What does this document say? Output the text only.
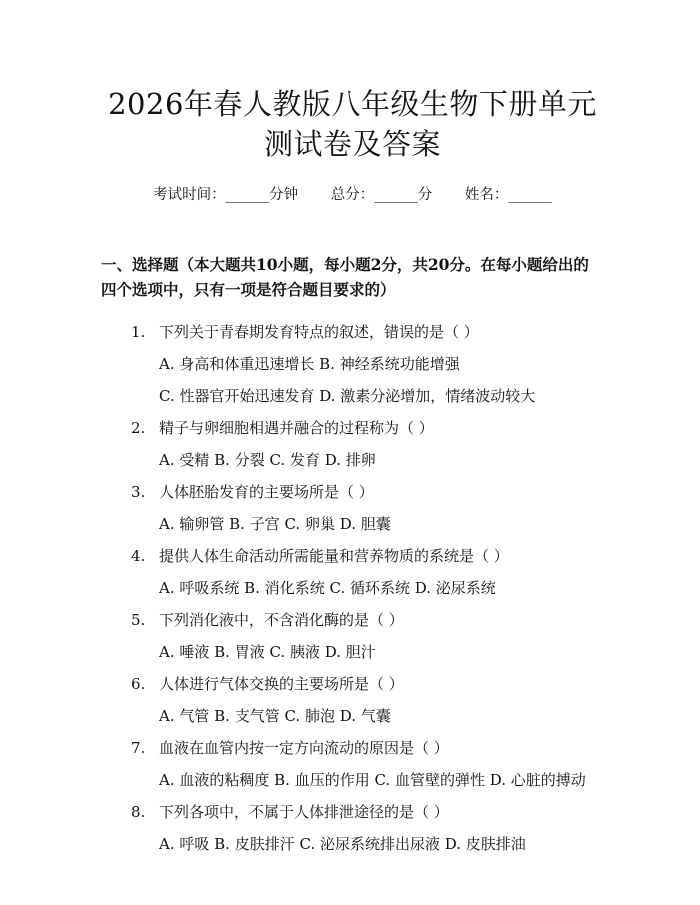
2026年春人教版八年级生物下册单元测试卷及答案
考试时间：______分钟 总分：______分 姓名：______
一、选择题（本大题共10小题，每小题2分，共20分。在每小题给出的四个选项中，只有一项是符合题目要求的）
1. 下列关于青春期发育特点的叙述，错误的是（ ）
A. 身高和体重迅速增长 B. 神经系统功能增强
C. 性器官开始迅速发育 D. 激素分泌增加，情绪波动较大
2. 精子与卵细胞相遇并融合的过程称为（ ）
A. 受精 B. 分裂 C. 发育 D. 排卵
3. 人体胚胎发育的主要场所是（ ）
A. 输卵管 B. 子宫 C. 卵巢 D. 胆囊
4. 提供人体生命活动所需能量和营养物质的系统是（ ）
A. 呼吸系统 B. 消化系统 C. 循环系统 D. 泌尿系统
5. 下列消化液中，不含消化酶的是（ ）
A. 唾液 B. 胃液 C. 胰液 D. 胆汁
6. 人体进行气体交换的主要场所是（ ）
A. 气管 B. 支气管 C. 肺泡 D. 气囊
7. 血液在血管内按一定方向流动的原因是（ ）
A. 血液的粘稠度 B. 血压的作用 C. 血管壁的弹性 D. 心脏的搏动
8. 下列各项中，不属于人体排泄途径的是（ ）
A. 呼吸 B. 皮肤排汗 C. 泌尿系统排出尿液 D. 皮肤排油
